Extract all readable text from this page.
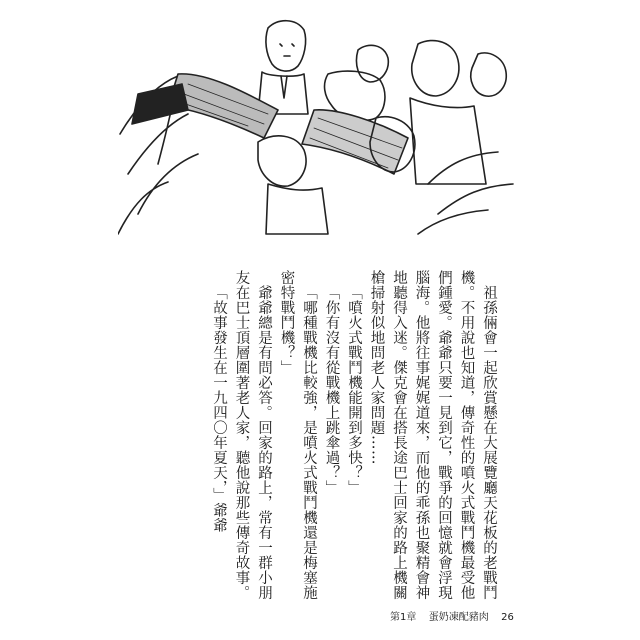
祖孫倆會一起欣賞懸在大展覽廳天花板的老戰鬥機。不用說也知道，傳奇性的噴火式戰鬥機最受他們鍾愛。爺爺只要一見到它，戰爭的回憶就會浮現腦海。他將往事娓娓道來，而他的乖孫也聚精會神地聽得入迷。傑克會在搭長途巴士回家的路上機關槍掃射似地問老人家問題……

「噴火式戰鬥機能開到多快？」

「你有沒有從戰機上跳傘過？」

「哪種戰機比較強，是噴火式戰鬥機還是梅塞施密特戰鬥機？」

爺爺總是有問必答。回家的路上，常有一群小朋友在巴士頂層圍著老人家，聽他說那些傳奇故事。

「故事發生在一九四〇年夏天，」爺爺

第1章 蛋奶凍配豬肉 26
